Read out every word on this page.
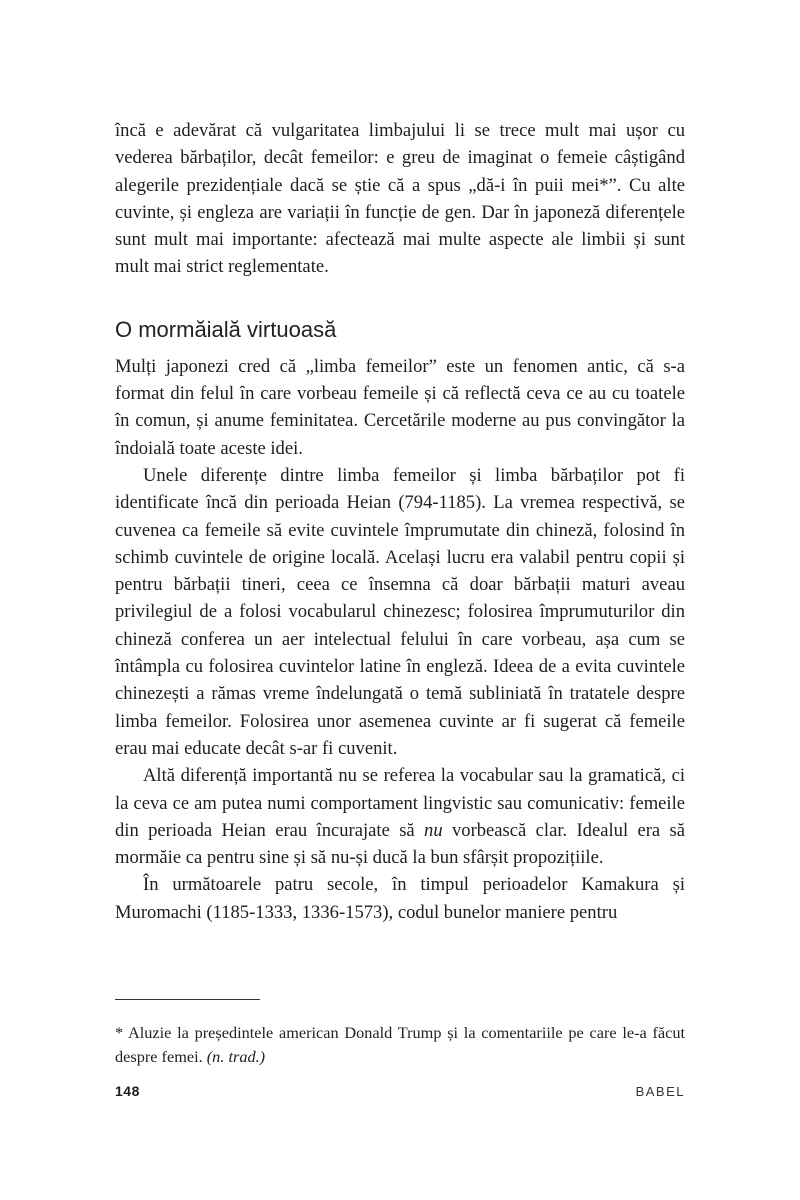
încă e adevărat că vulgaritatea limbajului li se trece mult mai ușor cu vederea bărbaților, decât femeilor: e greu de imaginat o femeie câștigând alegerile prezidențiale dacă se știe că a spus „dă-i în puii mei*”. Cu alte cuvinte, și engleza are variații în funcție de gen. Dar în japoneză diferențele sunt mult mai importante: afectează mai multe aspecte ale limbii și sunt mult mai strict reglementate.

O mormăială virtuoasă

Mulți japonezi cred că „limba femeilor” este un fenomen antic, că s-a format din felul în care vorbeau femeile și că reflectă ceva ce au cu toatele în comun, și anume feminitatea. Cercetările moderne au pus convingător la îndoială toate aceste idei.

Unele diferențe dintre limba femeilor și limba bărbaților pot fi identificate încă din perioada Heian (794-1185). La vremea respectivă, se cuvenea ca femeile să evite cuvintele împrumutate din chineză, folosind în schimb cuvintele de origine locală. Același lucru era valabil pentru copii și pentru bărbații tineri, ceea ce însemna că doar bărbații maturi aveau privilegiul de a folosi vocabularul chinezesc; folosirea împrumuturilor din chineză conferea un aer intelectual felului în care vorbeau, așa cum se întâmpla cu folosirea cuvintelor latine în engleză. Ideea de a evita cuvintele chinezești a rămas vreme îndelungată o temă subliniată în tratatele despre limba femeilor. Folosirea unor asemenea cuvinte ar fi sugerat că femeile erau mai educate decât s-ar fi cuvenit.

Altă diferență importantă nu se referea la vocabular sau la gramatică, ci la ceva ce am putea numi comportament lingvistic sau comunicativ: femeile din perioada Heian erau încurajate să nu vorbească clar. Idealul era să mormăie ca pentru sine și să nu-și ducă la bun sfârșit propozițiile.

În următoarele patru secole, în timpul perioadelor Kamakura și Muromachi (1185-1333, 1336-1573), codul bunelor maniere pentru

* Aluzie la președintele american Donald Trump și la comentariile pe care le-a făcut despre femei. (n. trad.)

148	BABEL
